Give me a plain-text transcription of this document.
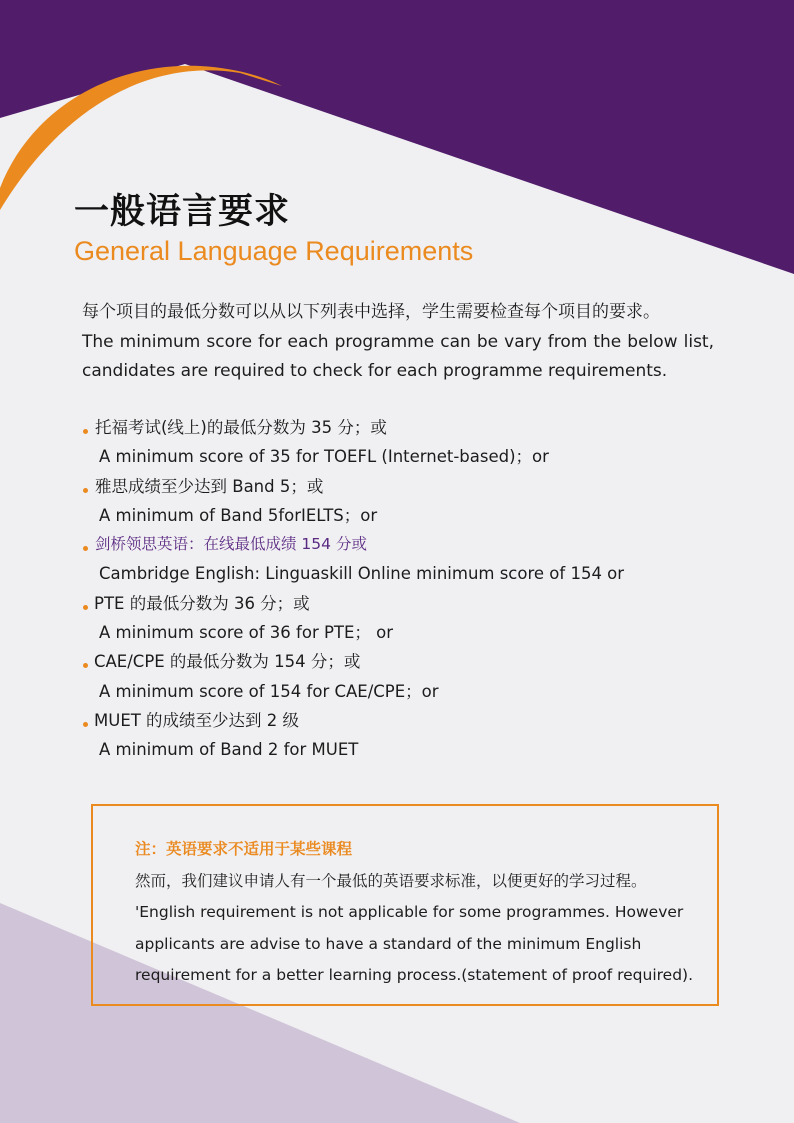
一般语言要求
General Language Requirements

每个项目的最低分数可以从以下列表中选择，学生需要检查每个项目的要求。

The minimum score for each programme can be vary from the below list, candidates are required to check for each programme requirements.

托福考试(线上)的最低分数为 35 分；或
A minimum score of 35 for TOEFL (Internet-based)；or
雅思成绩至少达到 Band 5；或
A minimum of Band 5forIELTS；or
剑桥领思英语：在线最低成绩 154 分或
Cambridge English: Linguaskill Online minimum score of 154 or
PTE 的最低分数为 36 分；或
A minimum score of 36 for PTE； or
CAE/CPE 的最低分数为 154 分；或
A minimum score of 154 for CAE/CPE；or
MUET 的成绩至少达到 2 级
A minimum of Band 2 for MUET

注：英语要求不适用于某些课程

然而，我们建议申请人有一个最低的英语要求标准，以便更好的学习过程。

'English requirement is not applicable for some programmes. However

applicants are advise to have a standard of the minimum English

requirement for a better learning process.(statement of proof required).
